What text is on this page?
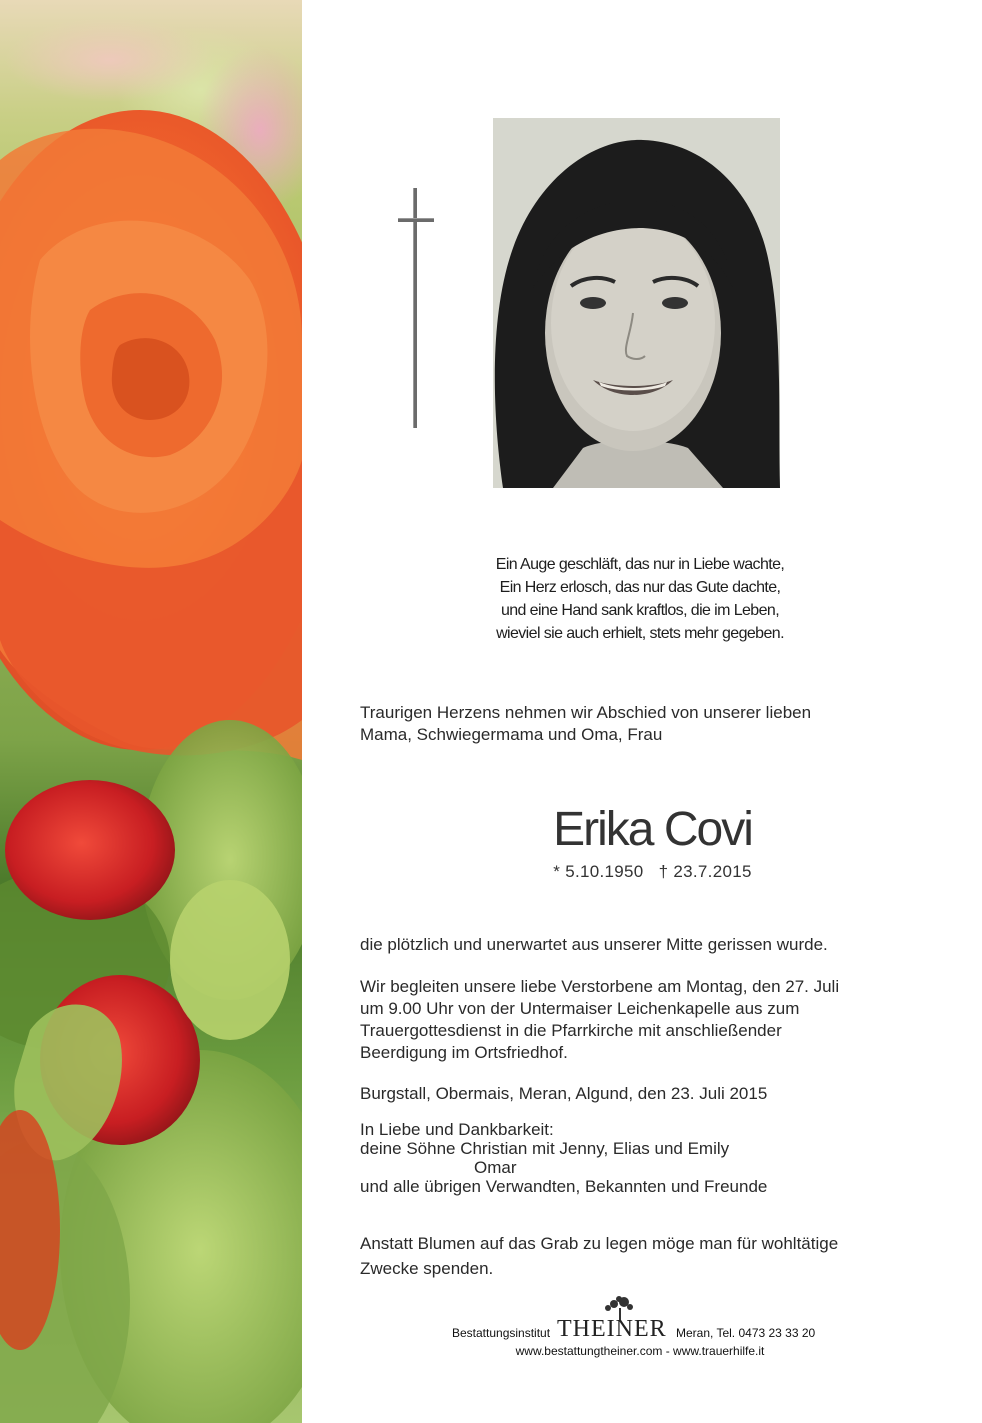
Ein Auge geschläft, das nur in Liebe wachte,
Ein Herz erlosch, das nur das Gute dachte,
und eine Hand sank kraftlos, die im Leben,
wieviel sie auch erhielt, stets mehr gegeben.
Traurigen Herzens nehmen wir Abschied von unserer lieben
Mama, Schwiegermama und Oma, Frau
Erika Covi
* 5.10.1950   † 23.7.2015
die plötzlich und unerwartet aus unserer Mitte gerissen wurde.
Wir begleiten unsere liebe Verstorbene am Montag, den 27. Juli
um 9.00 Uhr von der Untermaiser Leichenkapelle aus zum
Trauergottesdienst in die Pfarrkirche mit anschließender
Beerdigung im Ortsfriedhof.
Burgstall, Obermais, Meran, Algund, den 23. Juli 2015
In Liebe und Dankbarkeit:
deine Söhne Christian mit Jenny, Elias und Emily
Omar
und alle übrigen Verwandten, Bekannten und Freunde
Anstatt Blumen auf das Grab zu legen möge man für wohltätige
Zwecke spenden.
Bestattungsinstitut THEINER Meran, Tel. 0473 23 33 20
www.bestattungtheiner.com - www.trauerhilfe.it
